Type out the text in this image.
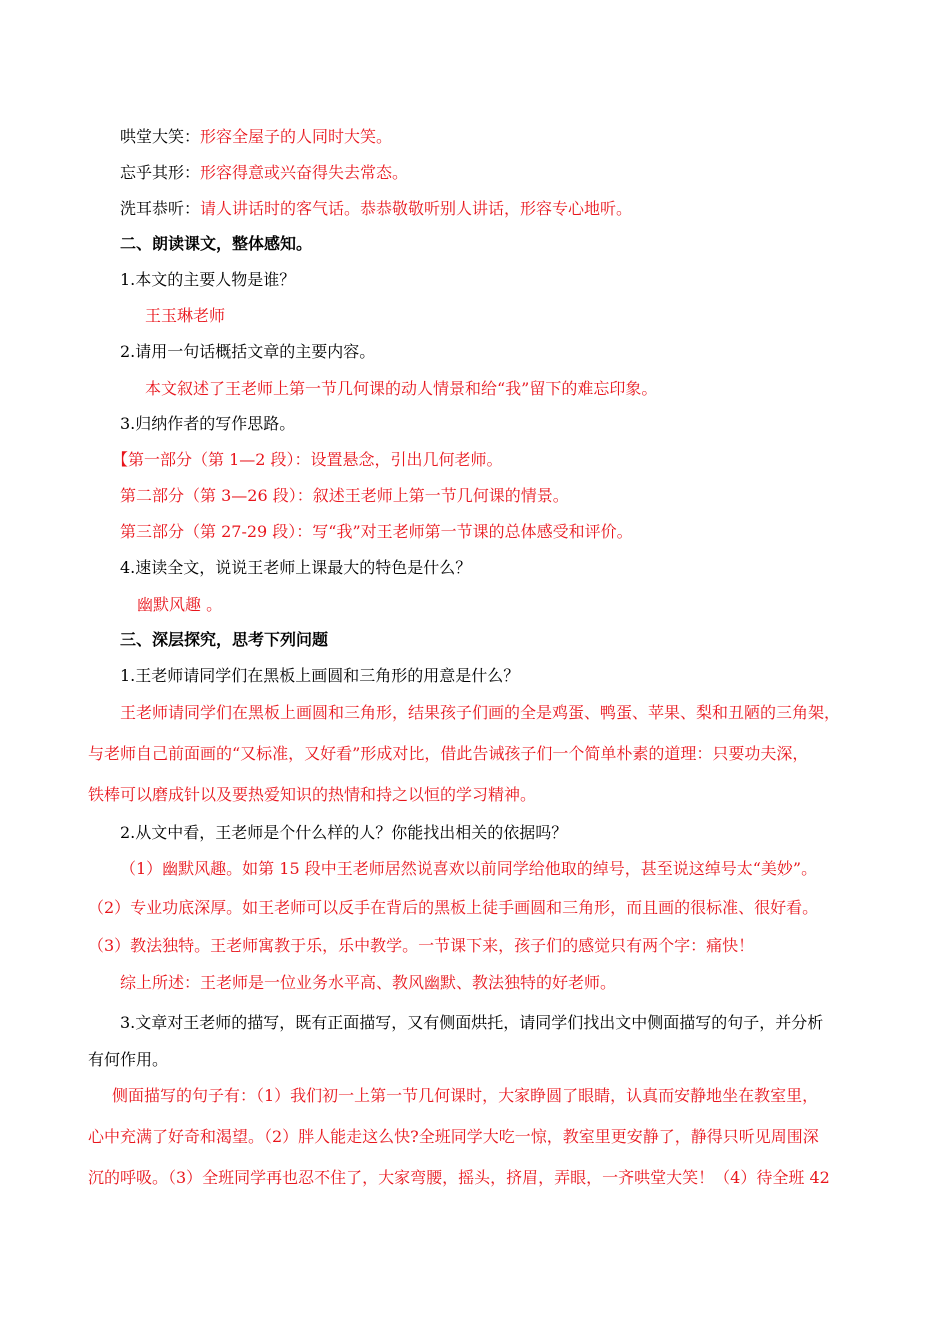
哄堂大笑：形容全屋子的人同时大笑。
忘乎其形：形容得意或兴奋得失去常态。
洗耳恭听：请人讲话时的客气话。恭恭敬敬听别人讲话，形容专心地听。
二、朗读课文，整体感知。
1.本文的主要人物是谁？
王玉琳老师
2.请用一句话概括文章的主要内容。
本文叙述了王老师上第一节几何课的动人情景和给“我”留下的难忘印象。
3.归纳作者的写作思路。
【第一部分（第 1—2 段）：设置悬念，引出几何老师。
第二部分（第 3—26 段）：叙述王老师上第一节几何课的情景。
第三部分（第 27-29 段）：写“我”对王老师第一节课的总体感受和评价。
4.速读全文，说说王老师上课最大的特色是什么？
幽默风趣 。
三、深层探究，思考下列问题
1.王老师请同学们在黑板上画圆和三角形的用意是什么？
王老师请同学们在黑板上画圆和三角形，结果孩子们画的全是鸡蛋、鸭蛋、苹果、梨和丑陋的三角架，
与老师自己前面画的“又标准，又好看”形成对比，借此告诫孩子们一个简单朴素的道理：只要功夫深，
铁棒可以磨成针以及要热爱知识的热情和持之以恒的学习精神。
2.从文中看，王老师是个什么样的人？你能找出相关的依据吗？
（1）幽默风趣。如第 15 段中王老师居然说喜欢以前同学给他取的绰号，甚至说这绰号太“美妙”。
（2）专业功底深厚。如王老师可以反手在背后的黑板上徒手画圆和三角形，而且画的很标准、很好看。
（3）教法独特。王老师寓教于乐，乐中教学。一节课下来，孩子们的感觉只有两个字：痛快！
综上所述：王老师是一位业务水平高、教风幽默、教法独特的好老师。
3.文章对王老师的描写，既有正面描写，又有侧面烘托，请同学们找出文中侧面描写的句子，并分析
有何作用。
侧面描写的句子有：（1）我们初一上第一节几何课时，大家睁圆了眼睛，认真而安静地坐在教室里，
心中充满了好奇和渴望。（2）胖人能走这么快?全班同学大吃一惊，教室里更安静了，静得只听见周围深
沉的呼吸。（3）全班同学再也忍不住了，大家弯腰，摇头，挤眉，弄眼，一齐哄堂大笑！（4）待全班 42
